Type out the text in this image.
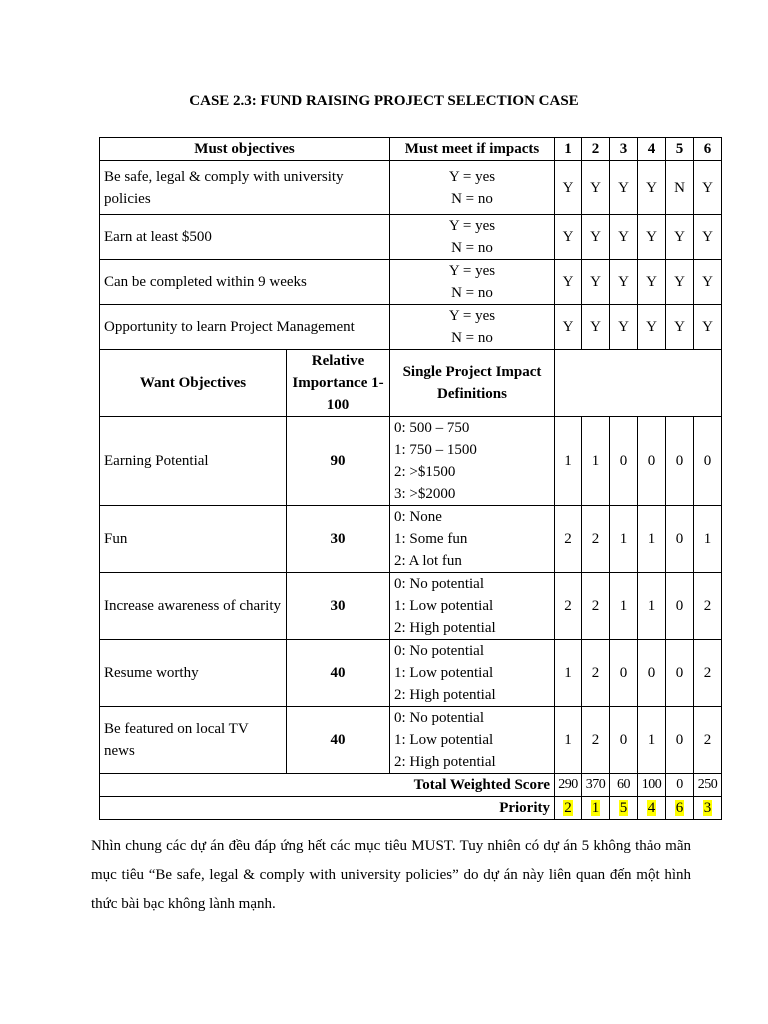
CASE 2.3: FUND RAISING PROJECT SELECTION CASE
Must objectives		Must meet if impacts	1	2	3	4	5	6
Be safe, legal & comply with university policies		Y = yes
N = no	Y	Y	Y	Y	N	Y
Earn at least $500		Y = yes
N = no	Y	Y	Y	Y	Y	Y
Can be completed within 9 weeks		Y = yes
N = no	Y	Y	Y	Y	Y	Y
Opportunity to learn Project Management		Y = yes
N = no	Y	Y	Y	Y	Y	Y
Want Objectives	Relative Importance 1-100	Single Project Impact Definitions						
Earning Potential	90	0: 500 – 750
1: 750 – 1500
2: >$1500
3: >$2000	1	1	0	0	0	0
Fun	30	0: None
1: Some fun
2: A lot fun	2	2	1	1	0	1
Increase awareness of charity	30	0: No potential
1: Low potential
2: High potential	2	2	1	1	0	2
Resume worthy	40	0: No potential
1: Low potential
2: High potential	1	2	0	0	0	2
Be featured on local TV news	40	0: No potential
1: Low potential
2: High potential	1	2	0	1	0	2
Total Weighted Score			290	370	60	100	0	250
Priority			2	1	5	4	6	3
Nhìn chung các dự án đều đáp ứng hết các mục tiêu MUST. Tuy nhiên có dự án 5 không thảo mãn mục tiêu “Be safe, legal & comply with university policies” do dự án này liên quan đến một hình thức bài bạc không lành mạnh.
